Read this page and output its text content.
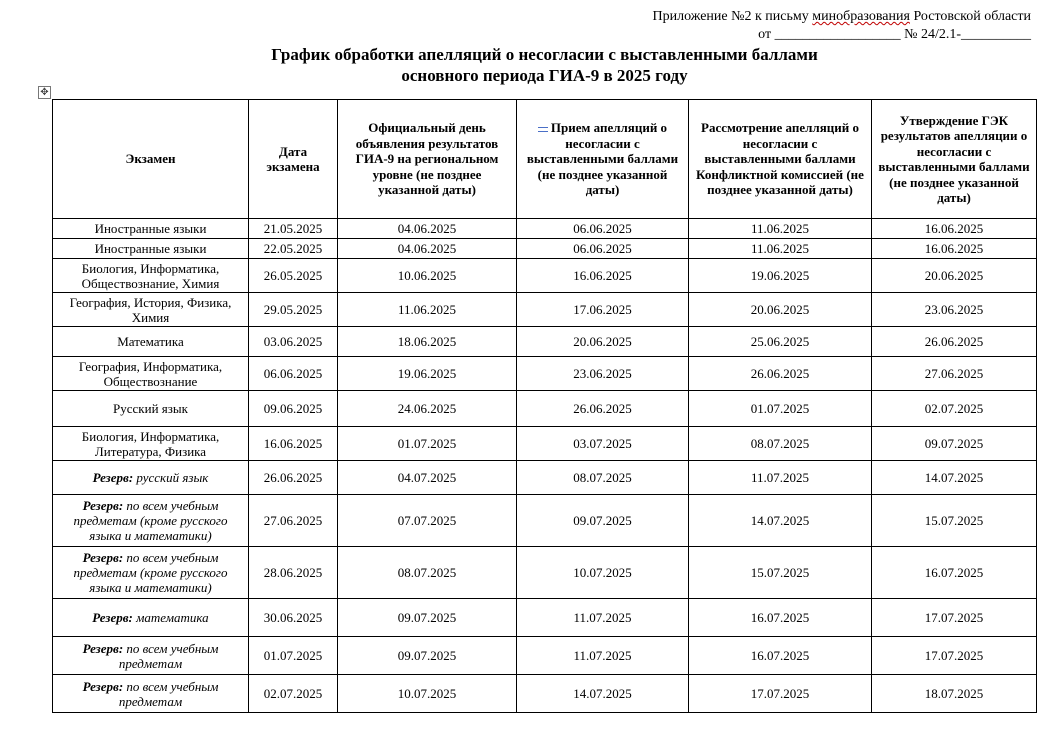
Приложение №2 к письму минобразования Ростовской области
от __________________ № 24/2.1-__________
График обработки апелляций о несогласии с выставленными баллами
основного периода ГИА-9 в 2025 году
✥
Экзамен	Дата экзамена	Официальный день объявления результатов ГИА-9 на региональном уровне (не позднее указанной даты)	Прием апелляций о несогласии с выставленными баллами (не позднее указанной даты)	Рассмотрение апелляций о несогласии с выставленными баллами Конфликтной комиссией (не позднее указанной даты)	Утверждение ГЭК результатов апелляции о несогласии с выставленными баллами (не позднее указанной даты)
Иностранные языки	21.05.2025	04.06.2025	06.06.2025	11.06.2025	16.06.2025
Иностранные языки	22.05.2025	04.06.2025	06.06.2025	11.06.2025	16.06.2025
Биология, Информатика, Обществознание, Химия	26.05.2025	10.06.2025	16.06.2025	19.06.2025	20.06.2025
География, История, Физика, Химия	29.05.2025	11.06.2025	17.06.2025	20.06.2025	23.06.2025
Математика	03.06.2025	18.06.2025	20.06.2025	25.06.2025	26.06.2025
География, Информатика, Обществознание	06.06.2025	19.06.2025	23.06.2025	26.06.2025	27.06.2025
Русский язык	09.06.2025	24.06.2025	26.06.2025	01.07.2025	02.07.2025
Биология, Информатика, Литература, Физика	16.06.2025	01.07.2025	03.07.2025	08.07.2025	09.07.2025
Резерв: русский язык	26.06.2025	04.07.2025	08.07.2025	11.07.2025	14.07.2025
Резерв: по всем учебным предметам (кроме русского языка и математики)	27.06.2025	07.07.2025	09.07.2025	14.07.2025	15.07.2025
Резерв: по всем учебным предметам (кроме русского языка и математики)	28.06.2025	08.07.2025	10.07.2025	15.07.2025	16.07.2025
Резерв: математика	30.06.2025	09.07.2025	11.07.2025	16.07.2025	17.07.2025
Резерв: по всем учебным предметам	01.07.2025	09.07.2025	11.07.2025	16.07.2025	17.07.2025
Резерв: по всем учебным предметам	02.07.2025	10.07.2025	14.07.2025	17.07.2025	18.07.2025
